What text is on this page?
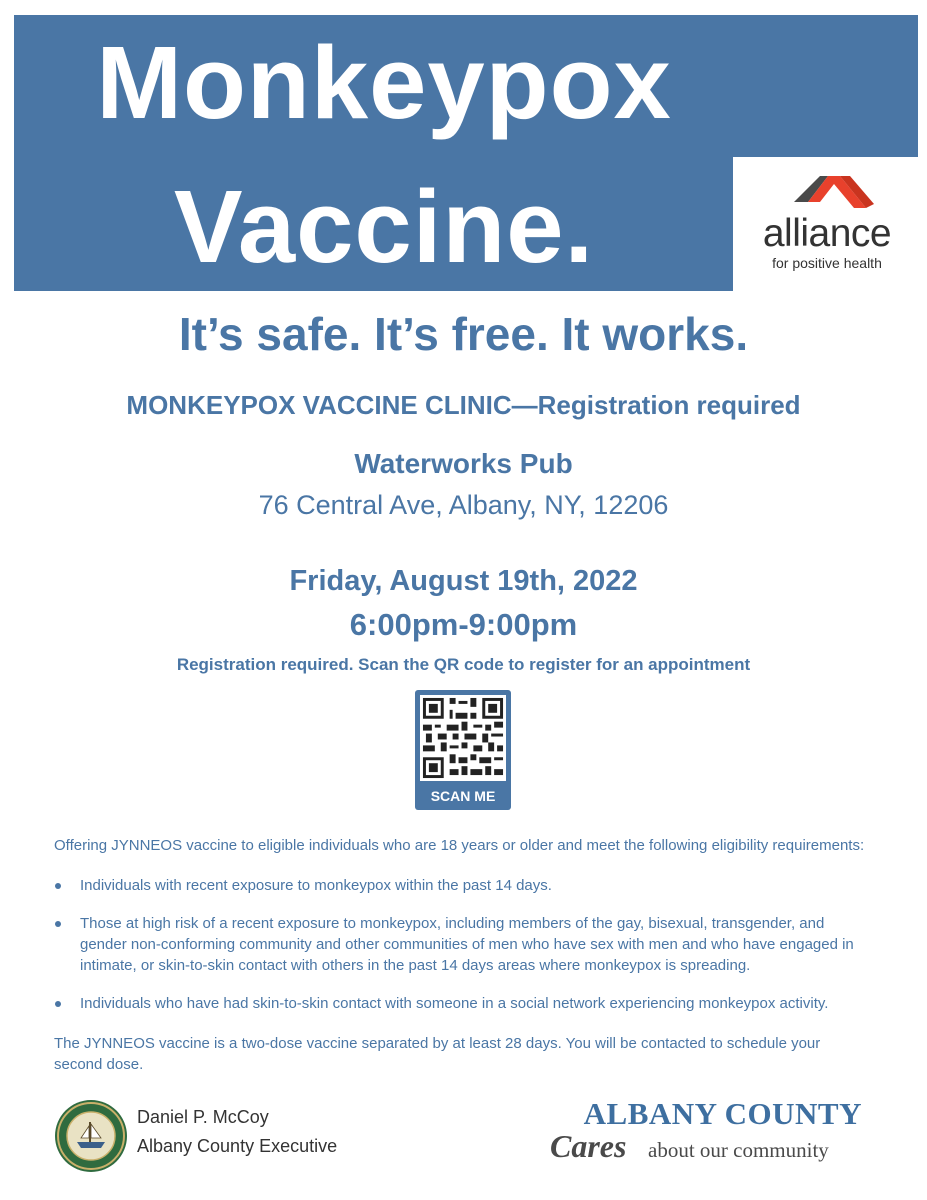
Monkeypox
Vaccine.	alliance
for positive health
It’s safe. It’s free. It works.
MONKEYPOX VACCINE CLINIC—Registration required
Waterworks Pub
76 Central Ave, Albany, NY, 12206
Friday, August 19th, 2022
6:00pm-9:00pm
Registration required. Scan the QR code to register for an appointment
SCAN ME
Offering JYNNEOS vaccine to eligible individuals who are 18 years or older and meet the following eligibility requirements:
Individuals with recent exposure to monkeypox within the past 14 days.
Those at high risk of a recent exposure to monkeypox, including members of the gay, bisexual, transgender, and gender non-conforming community and other communities of men who have sex with men and who have engaged in intimate, or skin-to-skin contact with others in the past 14 days areas where monkeypox is spreading.
Individuals who have had skin-to-skin contact with someone in a social network experiencing monkeypox activity.
The JYNNEOS vaccine is a two-dose vaccine separated by at least 28 days. You will be contacted to schedule your second dose.
Daniel P. McCoy
Albany County Executive
ALBANY COUNTY
Cares about our community
